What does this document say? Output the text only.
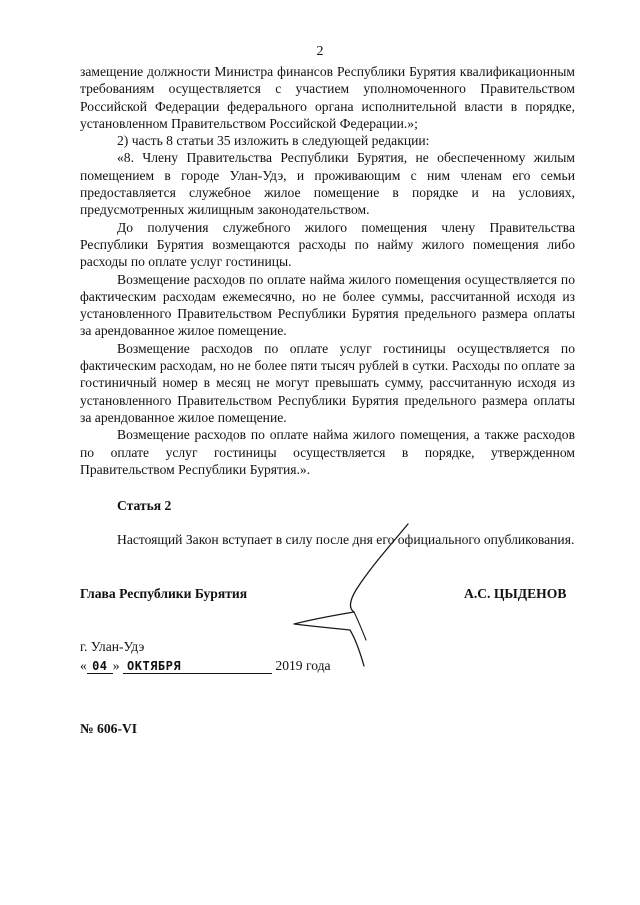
2

замещение должности Министра финансов Республики Бурятия квалификационным требованиям осуществляется с участием уполномоченного Правительством Российской Федерации федерального органа исполнительной власти в порядке, установленном Правительством Российской Федерации.»;

2) часть 8 статьи 35 изложить в следующей редакции:

«8. Члену Правительства Республики Бурятия, не обеспеченному жилым помещением в городе Улан-Удэ, и проживающим с ним членам его семьи предоставляется служебное жилое помещение в порядке и на условиях, предусмотренных жилищным законодательством.

До получения служебного жилого помещения члену Правительства Республики Бурятия возмещаются расходы по найму жилого помещения либо расходы по оплате услуг гостиницы.

Возмещение расходов по оплате найма жилого помещения осуществляется по фактическим расходам ежемесячно, но не более суммы, рассчитанной исходя из установленного Правительством Республики Бурятия предельного размера оплаты за арендованное жилое помещение.

Возмещение расходов по оплате услуг гостиницы осуществляется по фактическим расходам, но не более пяти тысяч рублей в сутки. Расходы по оплате за гостиничный номер в месяц не могут превышать сумму, рассчитанную исходя из установленного Правительством Республики Бурятия предельного размера оплаты за арендованное жилое помещение.

Возмещение расходов по оплате найма жилого помещения, а также расходов по оплате услуг гостиницы осуществляется в порядке, утвержденном Правительством Республики Бурятия.».

Статья 2

Настоящий Закон вступает в силу после дня его официального опубликования.

Глава Республики Бурятия	А.С. ЦЫДЕНОВ
г. Улан-Удэ
« 04 » ОКТЯБРЯ	2019 года
№ 606-VI
